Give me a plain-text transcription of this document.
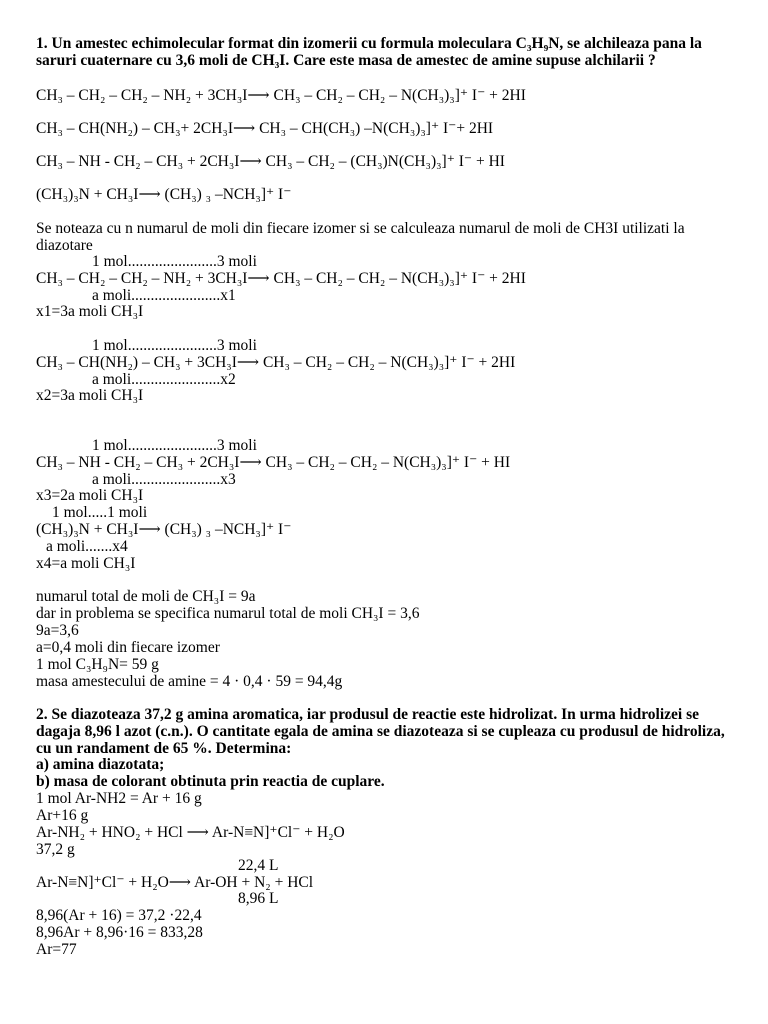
1. Un amestec echimolecular format din izomerii cu formula moleculara C₃H₉N, se alchileaza pana la
saruri cuaternare cu 3,6 moli de CH₃I. Care este masa de amestec de amine supuse alchilarii ?
CH₃ – CH₂ – CH₂ – NH₂ + 3CH₃I⟶ CH₃ – CH₂ – CH₂ – N(CH₃)₃]⁺ I⁻ + 2HI
CH₃ – CH(NH₂) – CH₃+ 2CH₃I⟶ CH₃ – CH(CH₃) –N(CH₃)₃]⁺ I⁻+ 2HI
CH₃ – NH - CH₂ – CH₃ + 2CH₃I⟶ CH₃ – CH₂ – (CH₃)N(CH₃)₃]⁺ I⁻ + HI
(CH₃)₃N + CH₃I⟶ (CH₃) ₃ –NCH₃]⁺ I⁻
Se noteaza cu n numarul de moli din fiecare izomer si se calculeaza numarul de moli de CH3I utilizati la
diazotare
1 mol.......................3 moli
CH₃ – CH₂ – CH₂ – NH₂ + 3CH₃I⟶ CH₃ – CH₂ – CH₂ – N(CH₃)₃]⁺ I⁻ + 2HI
a moli.......................x1
x1=3a moli CH₃I
1 mol.......................3 moli
CH₃ – CH(NH₂) – CH₃ + 3CH₃I⟶ CH₃ – CH₂ – CH₂ – N(CH₃)₃]⁺ I⁻ + 2HI
a moli.......................x2
x2=3a moli CH₃I
1 mol.......................3 moli
CH₃ – NH - CH₂ – CH₃ + 2CH₃I⟶ CH₃ – CH₂ – CH₂ – N(CH₃)₃]⁺ I⁻ + HI
a moli.......................x3
x3=2a moli CH₃I
1 mol.....1 moli
(CH₃)₃N + CH₃I⟶ (CH₃) ₃ –NCH₃]⁺ I⁻
a moli.......x4
x4=a moli CH₃I
numarul total de moli de CH₃I = 9a
dar in problema se specifica numarul total de moli CH₃I = 3,6
9a=3,6
a=0,4 moli din fiecare izomer
1 mol C₃H₉N= 59 g
masa amestecului de amine = 4 · 0,4 · 59 = 94,4g
2. Se diazoteaza 37,2 g amina aromatica, iar produsul de reactie este hidrolizat. In urma hidrolizei se
dagaja 8,96 l azot (c.n.). O cantitate egala de amina se diazoteaza si se cupleaza cu produsul de hidroliza,
cu un randament de 65 %. Determina:
a) amina diazotata;
b) masa de colorant obtinuta prin reactia de cuplare.
1 mol Ar-NH2 = Ar + 16 g
Ar+16 g
Ar-NH₂ + HNO₂ + HCl ⟶ Ar-N≡N]⁺Cl⁻ + H₂O
37,2 g
22,4 L
Ar-N≡N]⁺Cl⁻ + H₂O⟶ Ar-OH + N₂ + HCl
8,96 L
8,96(Ar + 16) = 37,2 ·22,4
8,96Ar + 8,96·16 = 833,28
Ar=77
